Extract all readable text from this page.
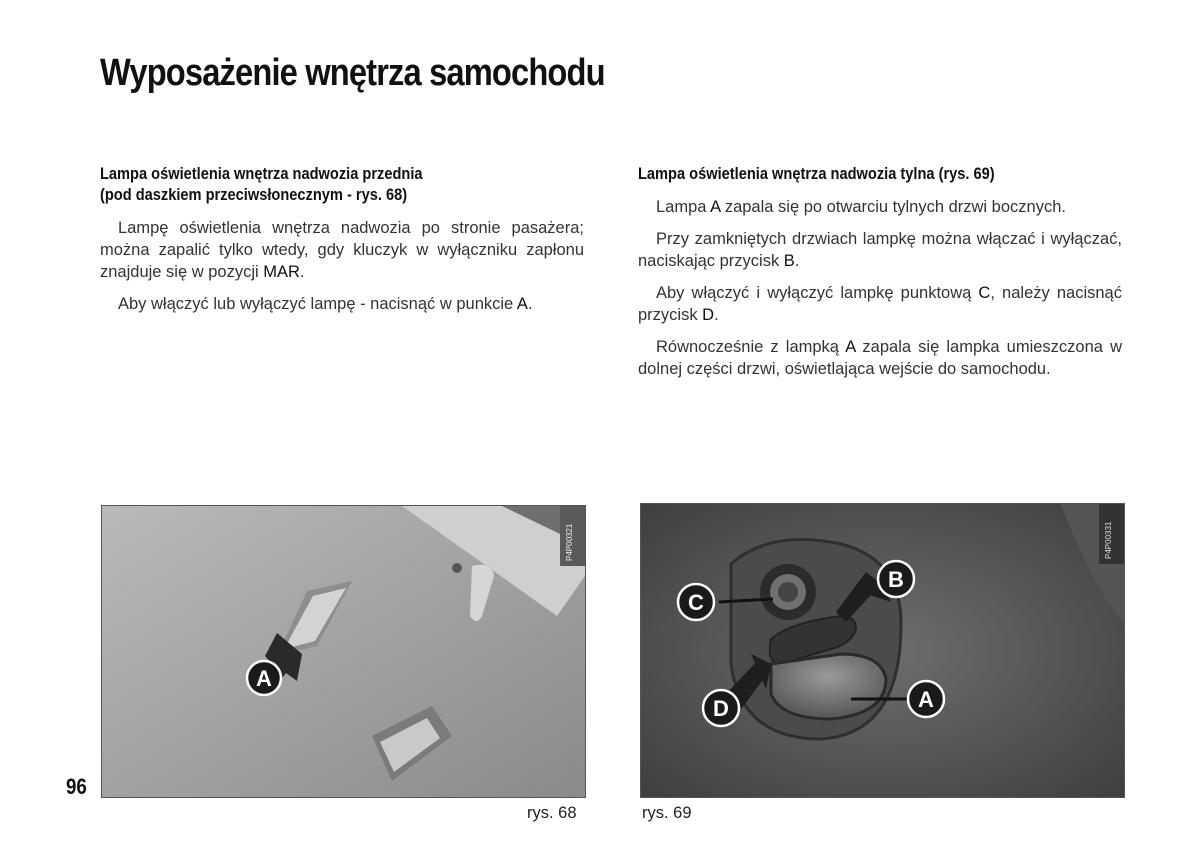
Wyposażenie wnętrza samochodu
Lampa oświetlenia wnętrza nadwozia przednia
(pod daszkiem przeciwsłonecznym - rys. 68)

Lampę oświetlenia wnętrza nadwozia po stronie pasażera; można zapalić tylko wtedy, gdy kluczyk w wyłączniku zapłonu znajduje się w pozycji MAR.

Aby włączyć lub wyłączyć lampę - nacisnąć w punkcie A.

Lampa oświetlenia wnętrza nadwozia tylna (rys. 69)

Lampa A zapala się po otwarciu tylnych drzwi bocznych.

Przy zamkniętych drzwiach lampkę można włączać i wyłączać, naciskając przycisk B.

Aby włączyć i wyłączyć lampkę punktową C, należy nacisnąć przycisk D.

Równocześnie z lampką A zapala się lampka umieszczona w dolnej części drzwi, oświetlająca wejście do samochodu.

A
P4P00321
rys. 68
C
B
D	A
P4P00331
rys. 69
96
